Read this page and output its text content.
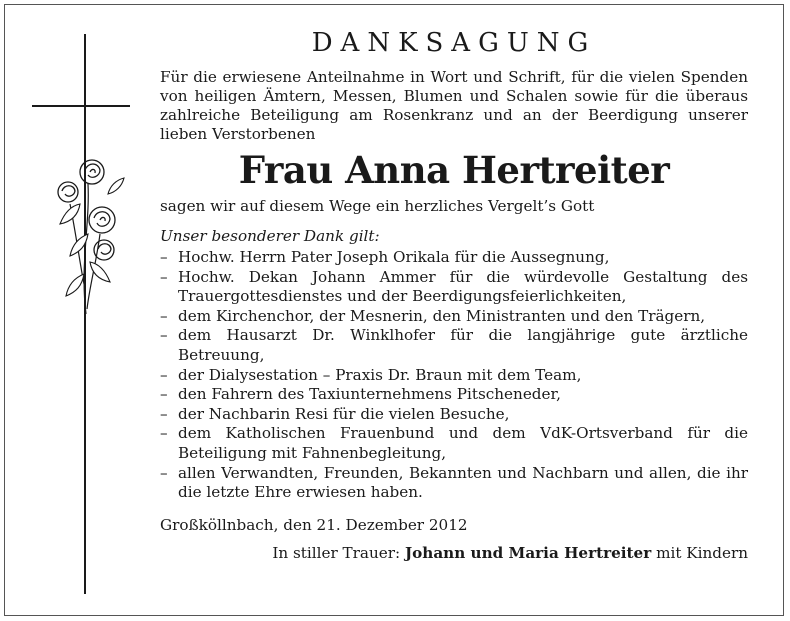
DANKSAGUNG

Für die erwiesene Anteilnahme in Wort und Schrift, für die vielen Spenden von heiligen Ämtern, Messen, Blumen und Schalen sowie für die überaus zahlreiche Beteiligung am Rosenkranz und an der Beerdigung unserer lieben Verstorbenen

Frau Anna Hertreiter

sagen wir auf diesem Wege ein herzliches Vergelt’s Gott

Unser besonderer Dank gilt:

– Hochw. Herrn Pater Joseph Orikala für die Aussegnung,
– Hochw. Dekan Johann Ammer für die würdevolle Gestaltung des Trauergottesdienstes und der Beerdigungsfeierlichkeiten,
– dem Kirchenchor, der Mesnerin, den Ministranten und den Trägern,
– dem Hausarzt Dr. Winklhofer für die langjährige gute ärztliche Betreuung,
– der Dialysestation – Praxis Dr. Braun mit dem Team,
– den Fahrern des Taxiunternehmens Pitscheneder,
– der Nachbarin Resi für die vielen Besuche,
– dem Katholischen Frauenbund und dem VdK-Ortsverband für die Beteiligung mit Fahnenbegleitung,
– allen Verwandten, Freunden, Bekannten und Nachbarn und allen, die ihr die letzte Ehre erwiesen haben.

Großköllnbach, den 21. Dezember 2012

In stiller Trauer: Johann und Maria Hertreiter mit Kindern
